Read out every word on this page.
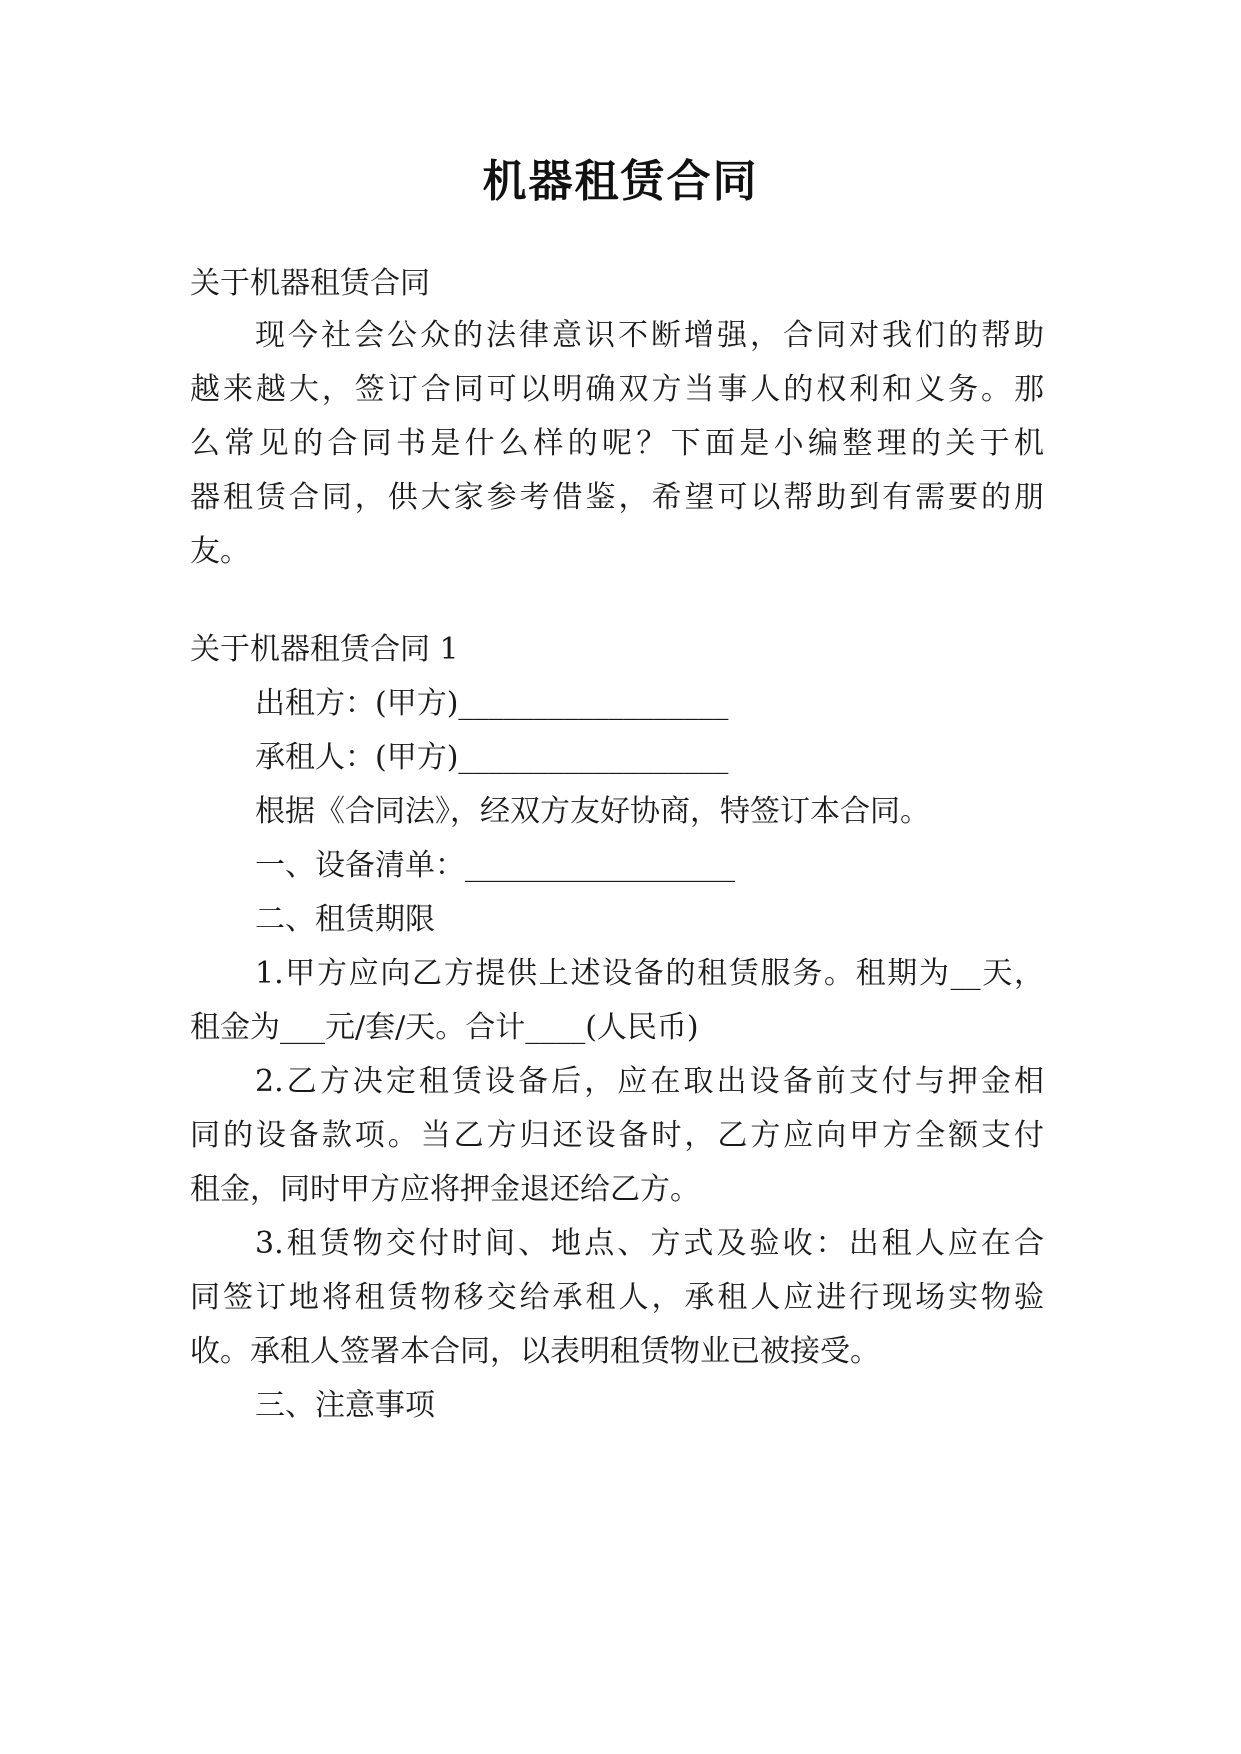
机器租赁合同
关于机器租赁合同
现今社会公众的法律意识不断增强，合同对我们的帮助
越来越大，签订合同可以明确双方当事人的权利和义务。那
么常见的合同书是什么样的呢？下面是小编整理的关于机
器租赁合同，供大家参考借鉴，希望可以帮助到有需要的朋
友。
关于机器租赁合同 1
出租方：(甲方)__________________
承租人：(甲方)__________________
根据《合同法》，经双方友好协商，特签订本合同。
一、设备清单：__________________
二、租赁期限
1.甲方应向乙方提供上述设备的租赁服务。租期为__天，
租金为___元/套/天。合计____(人民币)
2.乙方决定租赁设备后，应在取出设备前支付与押金相
同的设备款项。当乙方归还设备时，乙方应向甲方全额支付
租金，同时甲方应将押金退还给乙方。
3.租赁物交付时间、地点、方式及验收：出租人应在合
同签订地将租赁物移交给承租人，承租人应进行现场实物验
收。承租人签署本合同，以表明租赁物业已被接受。
三、注意事项
